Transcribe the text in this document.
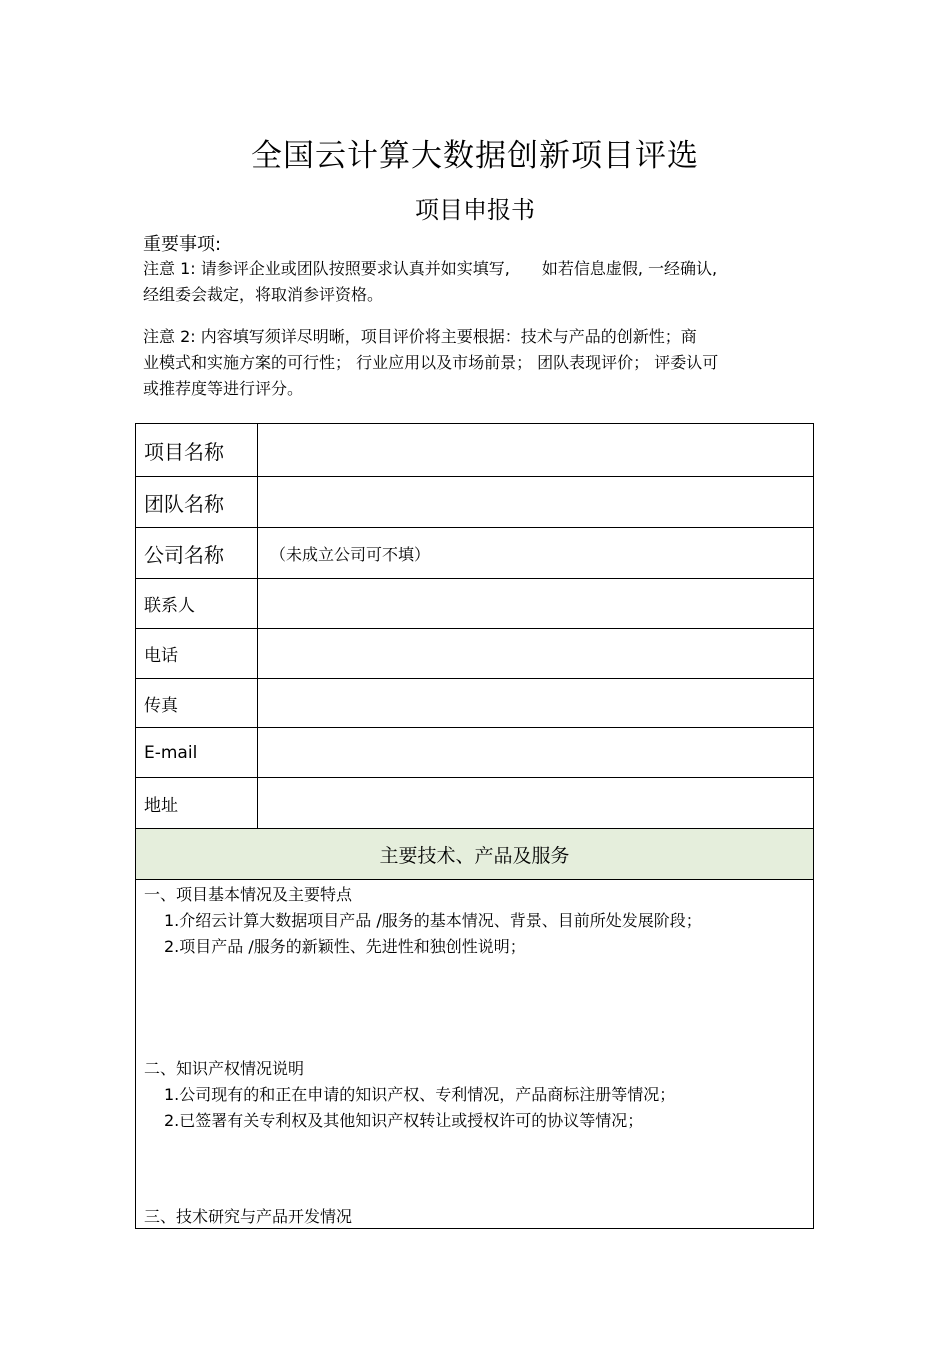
全国云计算大数据创新项目评选
项目申报书
重要事项:
注意 1: 请参评企业或团队按照要求认真并如实填写, 如若信息虚假, 一经确认,
经组委会裁定，将取消参评资格。
注意 2: 内容填写须详尽明晰，项目评价将主要根据：技术与产品的创新性；商
业模式和实施方案的可行性； 行业应用以及市场前景； 团队表现评价； 评委认可
或推荐度等进行评分。
项目名称
团队名称
公司名称	（未成立公司可不填）
联系人
电话
传真
E-mail
地址
主要技术、产品及服务
一、项目基本情况及主要特点
1.介绍云计算大数据项目产品 /服务的基本情况、背景、目前所处发展阶段；
2.项目产品 /服务的新颖性、先进性和独创性说明；
二、知识产权情况说明
1.公司现有的和正在申请的知识产权、专利情况，产品商标注册等情况；
2.已签署有关专利权及其他知识产权转让或授权许可的协议等情况；
三、技术研究与产品开发情况
